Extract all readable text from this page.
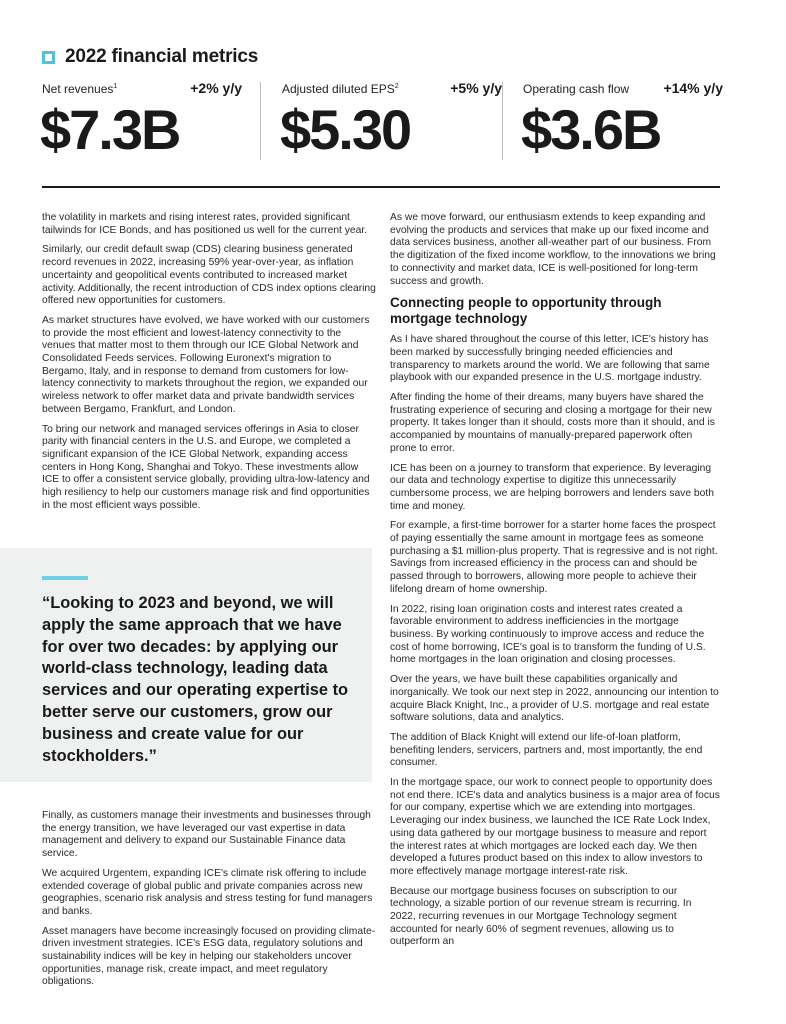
2022 financial metrics
Net revenues$^1$	+2% y/y
$7.3B
Adjusted diluted $EPS^2$	+5% y/y
$5.30
Operating cash flow +14% y/y
$3.6B

the volatility in markets and rising interest rates, provided significant tailwinds for ICE Bonds, and has positioned us well for the current year.

Similarly, our credit default swap (CDS) clearing business generated record revenues in 2022, increasing 59% year-over-year, as inflation uncertainty and geopolitical events contributed to increased market activity. Additionally, the recent introduction of CDS index options clearing offered new opportunities for customers.

As market structures have evolved, we have worked with our customers to provide the most efficient and lowest-latency connectivity to the venues that matter most to them through our ICE Global Network and Consolidated Feeds services. Following Euronext's migration to Bergamo, Italy, and in response to demand from customers for low-latency connectivity to markets throughout the region, we expanded our wireless network to offer market data and private bandwidth services between Bergamo, Frankfurt, and London.

To bring our network and managed services offerings in Asia to closer parity with financial centers in the U.S. and Europe, we completed a significant expansion of the ICE Global Network, expanding access centers in Hong Kong, Shanghai and Tokyo. These investments allow ICE to offer a consistent service globally, providing ultra-low-latency and high resiliency to help our customers manage risk and find opportunities in the most efficient ways possible.

“Looking to 2023 and beyond, we will apply the same approach that we have for over two decades: by applying our world-class technology, leading data services and our operating expertise to better serve our customers, grow our business and create value for our stockholders.”

Finally, as customers manage their investments and businesses through the energy transition, we have leveraged our vast expertise in data management and delivery to expand our Sustainable Finance data service.

We acquired Urgentem, expanding ICE's climate risk offering to include extended coverage of global public and private companies across new geographies, scenario risk analysis and stress testing for fund managers and banks.

Asset managers have become increasingly focused on providing climate-driven investment strategies. ICE's ESG data, regulatory solutions and sustainability indices will be key in helping our stakeholders uncover opportunities, manage risk, create impact, and meet regulatory obligations.

As we move forward, our enthusiasm extends to keep expanding and evolving the products and services that make up our fixed income and data services business, another all-weather part of our business. From the digitization of the fixed income workflow, to the innovations we bring to connectivity and market data, ICE is well-positioned for long-term success and growth.

Connecting people to opportunity through mortgage technology

As I have shared throughout the course of this letter, ICE's history has been marked by successfully bringing needed efficiencies and transparency to markets around the world. We are following that same playbook with our expanded presence in the U.S. mortgage industry.

After finding the home of their dreams, many buyers have shared the frustrating experience of securing and closing a mortgage for their new property. It takes longer than it should, costs more than it should, and is accompanied by mountains of manually-prepared paperwork often prone to error.

ICE has been on a journey to transform that experience. By leveraging our data and technology expertise to digitize this unnecessarily cumbersome process, we are helping borrowers and lenders save both time and money.

For example, a first-time borrower for a starter home faces the prospect of paying essentially the same amount in mortgage fees as someone purchasing a $1 million-plus property. That is regressive and is not right. Savings from increased efficiency in the process can and should be passed through to borrowers, allowing more people to achieve their lifelong dream of home ownership.

In 2022, rising loan origination costs and interest rates created a favorable environment to address inefficiencies in the mortgage business. By working continuously to improve access and reduce the cost of home borrowing, ICE's goal is to transform the funding of U.S. home mortgages in the loan origination and closing processes.

Over the years, we have built these capabilities organically and inorganically. We took our next step in 2022, announcing our intention to acquire Black Knight, Inc., a provider of U.S. mortgage and real estate software solutions, data and analytics.

The addition of Black Knight will extend our life-of-loan platform, benefiting lenders, servicers, partners and, most importantly, the end consumer.

In the mortgage space, our work to connect people to opportunity does not end there. ICE's data and analytics business is a major area of focus for our company, expertise which we are extending into mortgages. Leveraging our index business, we launched the ICE Rate Lock Index, using data gathered by our mortgage business to measure and report the interest rates at which mortgages are locked each day. We then developed a futures product based on this index to allow investors to more effectively manage mortgage interest-rate risk.

Because our mortgage business focuses on subscription to our technology, a sizable portion of our revenue stream is recurring. In 2022, recurring revenues in our Mortgage Technology segment accounted for nearly 60% of segment revenues, allowing us to outperform an
